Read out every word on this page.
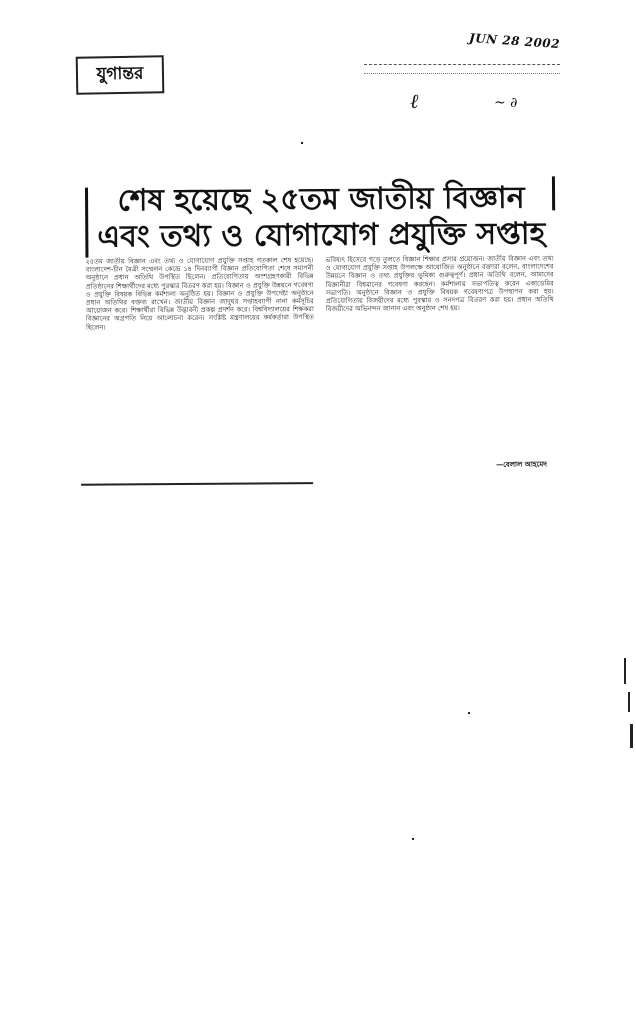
JUN 28 2002
যুগান্তর
ℓ	~ ∂
শেষ হয়েছে ২৫তম জাতীয় বিজ্ঞান এবং তথ্য ও যোগাযোগ প্রযুক্তি সপ্তাহ

২৫তম জাতীয় বিজ্ঞান এবং তথ্য ও যোগাযোগ প্রযুক্তি সপ্তাহ গতকাল শেষ হয়েছে। বাংলাদেশ-চীন মৈত্রী সম্মেলন কেন্দ্রে ১৪ দিনব্যাপী বিজ্ঞান প্রতিযোগিতা শেষে সমাপনী অনুষ্ঠানে প্রধান অতিথি উপস্থিত ছিলেন। প্রতিযোগিতায় অংশগ্রহণকারী বিভিন্ন প্রতিষ্ঠানের শিক্ষার্থীদের মধ্যে পুরস্কার বিতরণ করা হয়। বিজ্ঞান ও প্রযুক্তি উন্নয়নে গবেষণা ও প্রযুক্তি বিষয়ক বিভিন্ন কর্মশালা অনুষ্ঠিত হয়। বিজ্ঞান ও প্রযুক্তি উপদেষ্টা অনুষ্ঠানে প্রধান অতিথির বক্তব্য রাখেন। জাতীয় বিজ্ঞান জাদুঘর সপ্তাহব্যাপী নানা কর্মসূচির আয়োজন করে। শিক্ষার্থীরা বিভিন্ন উদ্ভাবনী প্রকল্প প্রদর্শন করে। বিশ্ববিদ্যালয়ের শিক্ষকরা বিজ্ঞানের অগ্রগতি নিয়ে আলোচনা করেন। সংশ্লিষ্ট মন্ত্রণালয়ের কর্মকর্তারা উপস্থিত ছিলেন।

ভবিষ্যৎ হিসেবে গড়ে তুলতে বিজ্ঞান শিক্ষার প্রসার প্রয়োজন। জাতীয় বিজ্ঞান এবং তথ্য ও যোগাযোগ প্রযুক্তি সপ্তাহ উপলক্ষে আয়োজিত অনুষ্ঠানে বক্তারা বলেন, বাংলাদেশের উন্নয়নে বিজ্ঞান ও তথ্য প্রযুক্তির ভূমিকা গুরুত্বপূর্ণ। প্রধান অতিথি বলেন, আমাদের বিজ্ঞানীরা বিশ্বমানের গবেষণা করছেন। কর্মশালায় সভাপতিত্ব করেন একাডেমির সভাপতি। অনুষ্ঠানে বিজ্ঞান ও প্রযুক্তি বিষয়ক গবেষণাপত্র উপস্থাপন করা হয়। প্রতিযোগিতায় বিজয়ীদের মধ্যে পুরস্কার ও সনদপত্র বিতরণ করা হয়। প্রধান অতিথি বিজয়ীদের অভিনন্দন জানান এবং অনুষ্ঠান শেষ হয়।

—বেলাল আহমেদ
